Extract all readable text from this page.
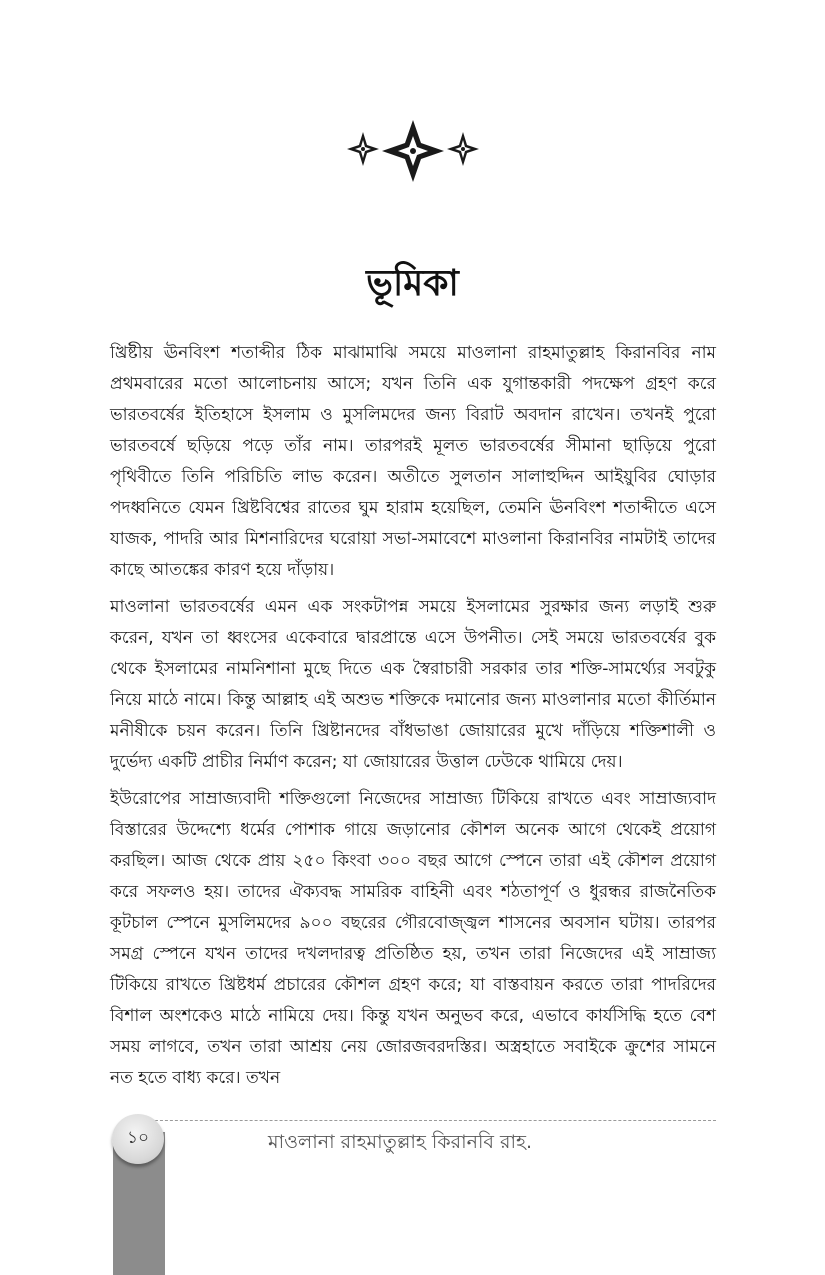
ভূমিকা

খ্রিষ্টীয় ঊনবিংশ শতাব্দীর ঠিক মাঝামাঝি সময়ে মাওলানা রাহমাতুল্লাহ কিরানবির নাম প্রথমবারের মতো আলোচনায় আসে; যখন তিনি এক যুগান্তকারী পদক্ষেপ গ্রহণ করে ভারতবর্ষের ইতিহাসে ইসলাম ও মুসলিমদের জন্য বিরাট অবদান রাখেন। তখনই পুরো ভারতবর্ষে ছড়িয়ে পড়ে তাঁর নাম। তারপরই মূলত ভারতবর্ষের সীমানা ছাড়িয়ে পুরো পৃথিবীতে তিনি পরিচিতি লাভ করেন। অতীতে সুলতান সালাহুদ্দিন আইয়ুবির ঘোড়ার পদধ্বনিতে যেমন খ্রিষ্টবিশ্বের রাতের ঘুম হারাম হয়েছিল, তেমনি ঊনবিংশ শতাব্দীতে এসে যাজক, পাদরি আর মিশনারিদের ঘরোয়া সভা-সমাবেশে মাওলানা কিরানবির নামটাই তাদের কাছে আতঙ্কের কারণ হয়ে দাঁড়ায়।

মাওলানা ভারতবর্ষের এমন এক সংকটাপন্ন সময়ে ইসলামের সুরক্ষার জন্য লড়াই শুরু করেন, যখন তা ধ্বংসের একেবারে দ্বারপ্রান্তে এসে উপনীত। সেই সময়ে ভারতবর্ষের বুক থেকে ইসলামের নামনিশানা মুছে দিতে এক স্বৈরাচারী সরকার তার শক্তি-সামর্থ্যের সবটুকু নিয়ে মাঠে নামে। কিন্তু আল্লাহ এই অশুভ শক্তিকে দমানোর জন্য মাওলানার মতো কীর্তিমান মনীষীকে চয়ন করেন। তিনি খ্রিষ্টানদের বাঁধভাঙা জোয়ারের মুখে দাঁড়িয়ে শক্তিশালী ও দুর্ভেদ্য একটি প্রাচীর নির্মাণ করেন; যা জোয়ারের উত্তাল ঢেউকে থামিয়ে দেয়।

ইউরোপের সাম্রাজ্যবাদী শক্তিগুলো নিজেদের সাম্রাজ্য টিকিয়ে রাখতে এবং সাম্রাজ্যবাদ বিস্তারের উদ্দেশ্যে ধর্মের পোশাক গায়ে জড়ানোর কৌশল অনেক আগে থেকেই প্রয়োগ করছিল। আজ থেকে প্রায় ২৫০ কিংবা ৩০০ বছর আগে স্পেনে তারা এই কৌশল প্রয়োগ করে সফলও হয়। তাদের ঐক্যবদ্ধ সামরিক বাহিনী এবং শঠতাপূর্ণ ও ধুরন্ধর রাজনৈতিক কূটচাল স্পেনে মুসলিমদের ৯০০ বছরের গৌরবোজ্জ্বল শাসনের অবসান ঘটায়। তারপর সমগ্র স্পেনে যখন তাদের দখলদারত্ব প্রতিষ্ঠিত হয়, তখন তারা নিজেদের এই সাম্রাজ্য টিকিয়ে রাখতে খ্রিষ্টধর্ম প্রচারের কৌশল গ্রহণ করে; যা বাস্তবায়ন করতে তারা পাদরিদের বিশাল অংশকেও মাঠে নামিয়ে দেয়। কিন্তু যখন অনুভব করে, এভাবে কার্যসিদ্ধি হতে বেশ সময় লাগবে, তখন তারা আশ্রয় নেয় জোরজবরদস্তির। অস্ত্রহাতে সবাইকে ক্রুশের সামনে নত হতে বাধ্য করে। তখন

১০	মাওলানা রাহমাতুল্লাহ কিরানবি রাহ.
